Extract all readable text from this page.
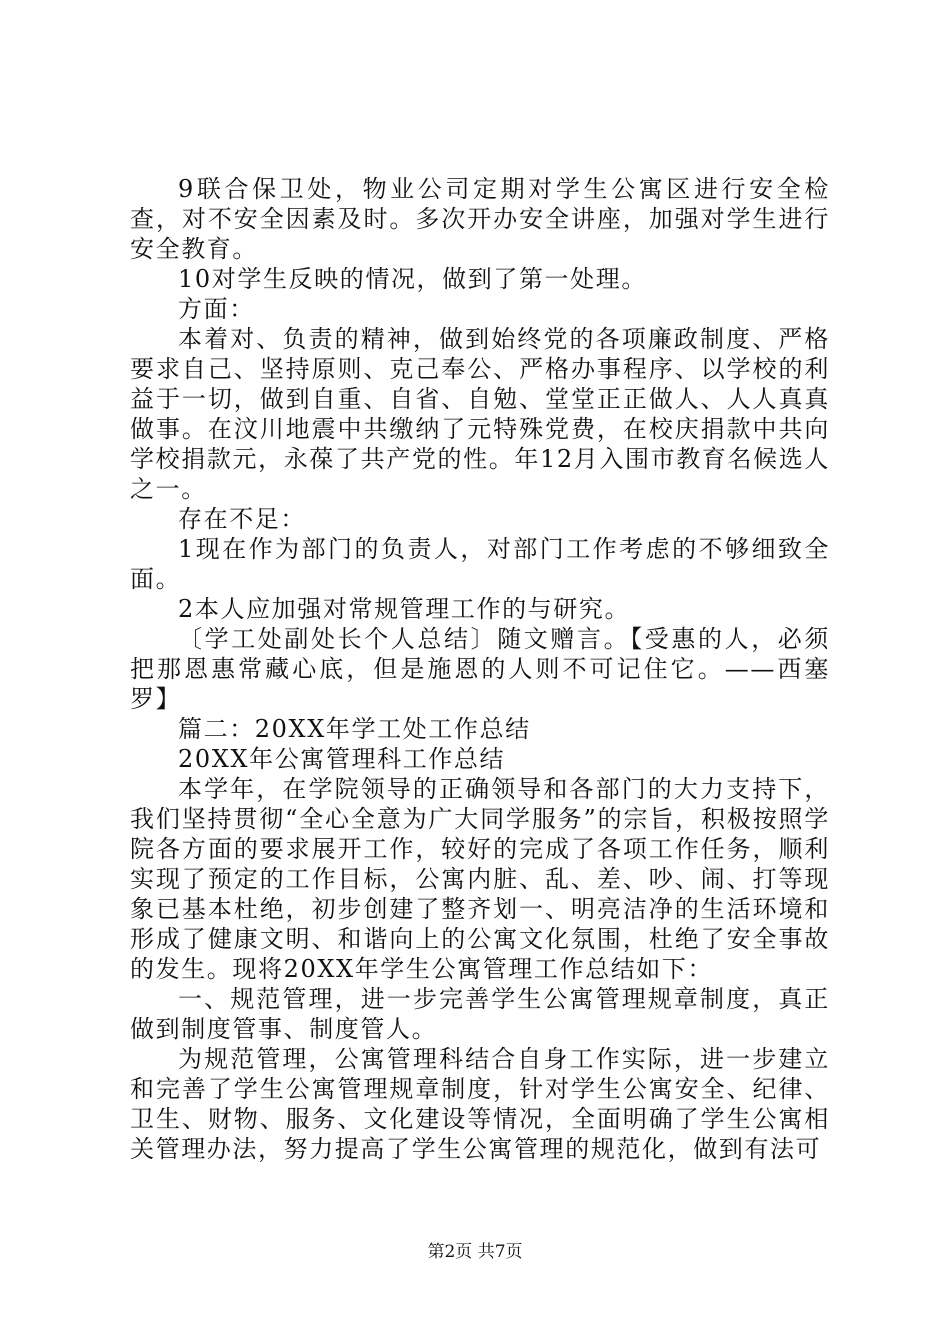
9联合保卫处，物业公司定期对学生公寓区进行安全检查，对不安全因素及时。多次开办安全讲座，加强对学生进行安全教育。

10对学生反映的情况，做到了第一处理。

方面：

本着对、负责的精神，做到始终党的各项廉政制度、严格要求自己、坚持原则、克己奉公、严格办事程序、以学校的利益于一切，做到自重、自省、自勉、堂堂正正做人、人人真真做事。在汶川地震中共缴纳了元特殊党费，在校庆捐款中共向学校捐款元，永葆了共产党的性。年12月入围市教育名候选人之一。

存在不足：

1现在作为部门的负责人，对部门工作考虑的不够细致全面。

2本人应加强对常规管理工作的与研究。

〔学工处副处长个人总结〕随文赠言。【受惠的人，必须把那恩惠常藏心底，但是施恩的人则不可记住它。——西塞罗】

篇二：20XX年学工处工作总结

20XX年公寓管理科工作总结

本学年，在学院领导的正确领导和各部门的大力支持下，我们坚持贯彻“全心全意为广大同学服务”的宗旨，积极按照学院各方面的要求展开工作，较好的完成了各项工作任务，顺利实现了预定的工作目标，公寓内脏、乱、差、吵、闹、打等现象已基本杜绝，初步创建了整齐划一、明亮洁净的生活环境和形成了健康文明、和谐向上的公寓文化氛围，杜绝了安全事故的发生。现将20XX年学生公寓管理工作总结如下：

一、规范管理，进一步完善学生公寓管理规章制度，真正做到制度管事、制度管人。

为规范管理，公寓管理科结合自身工作实际，进一步建立和完善了学生公寓管理规章制度，针对学生公寓安全、纪律、卫生、财物、服务、文化建设等情况，全面明确了学生公寓相关管理办法，努力提高了学生公寓管理的规范化，做到有法可

第2页 共7页
